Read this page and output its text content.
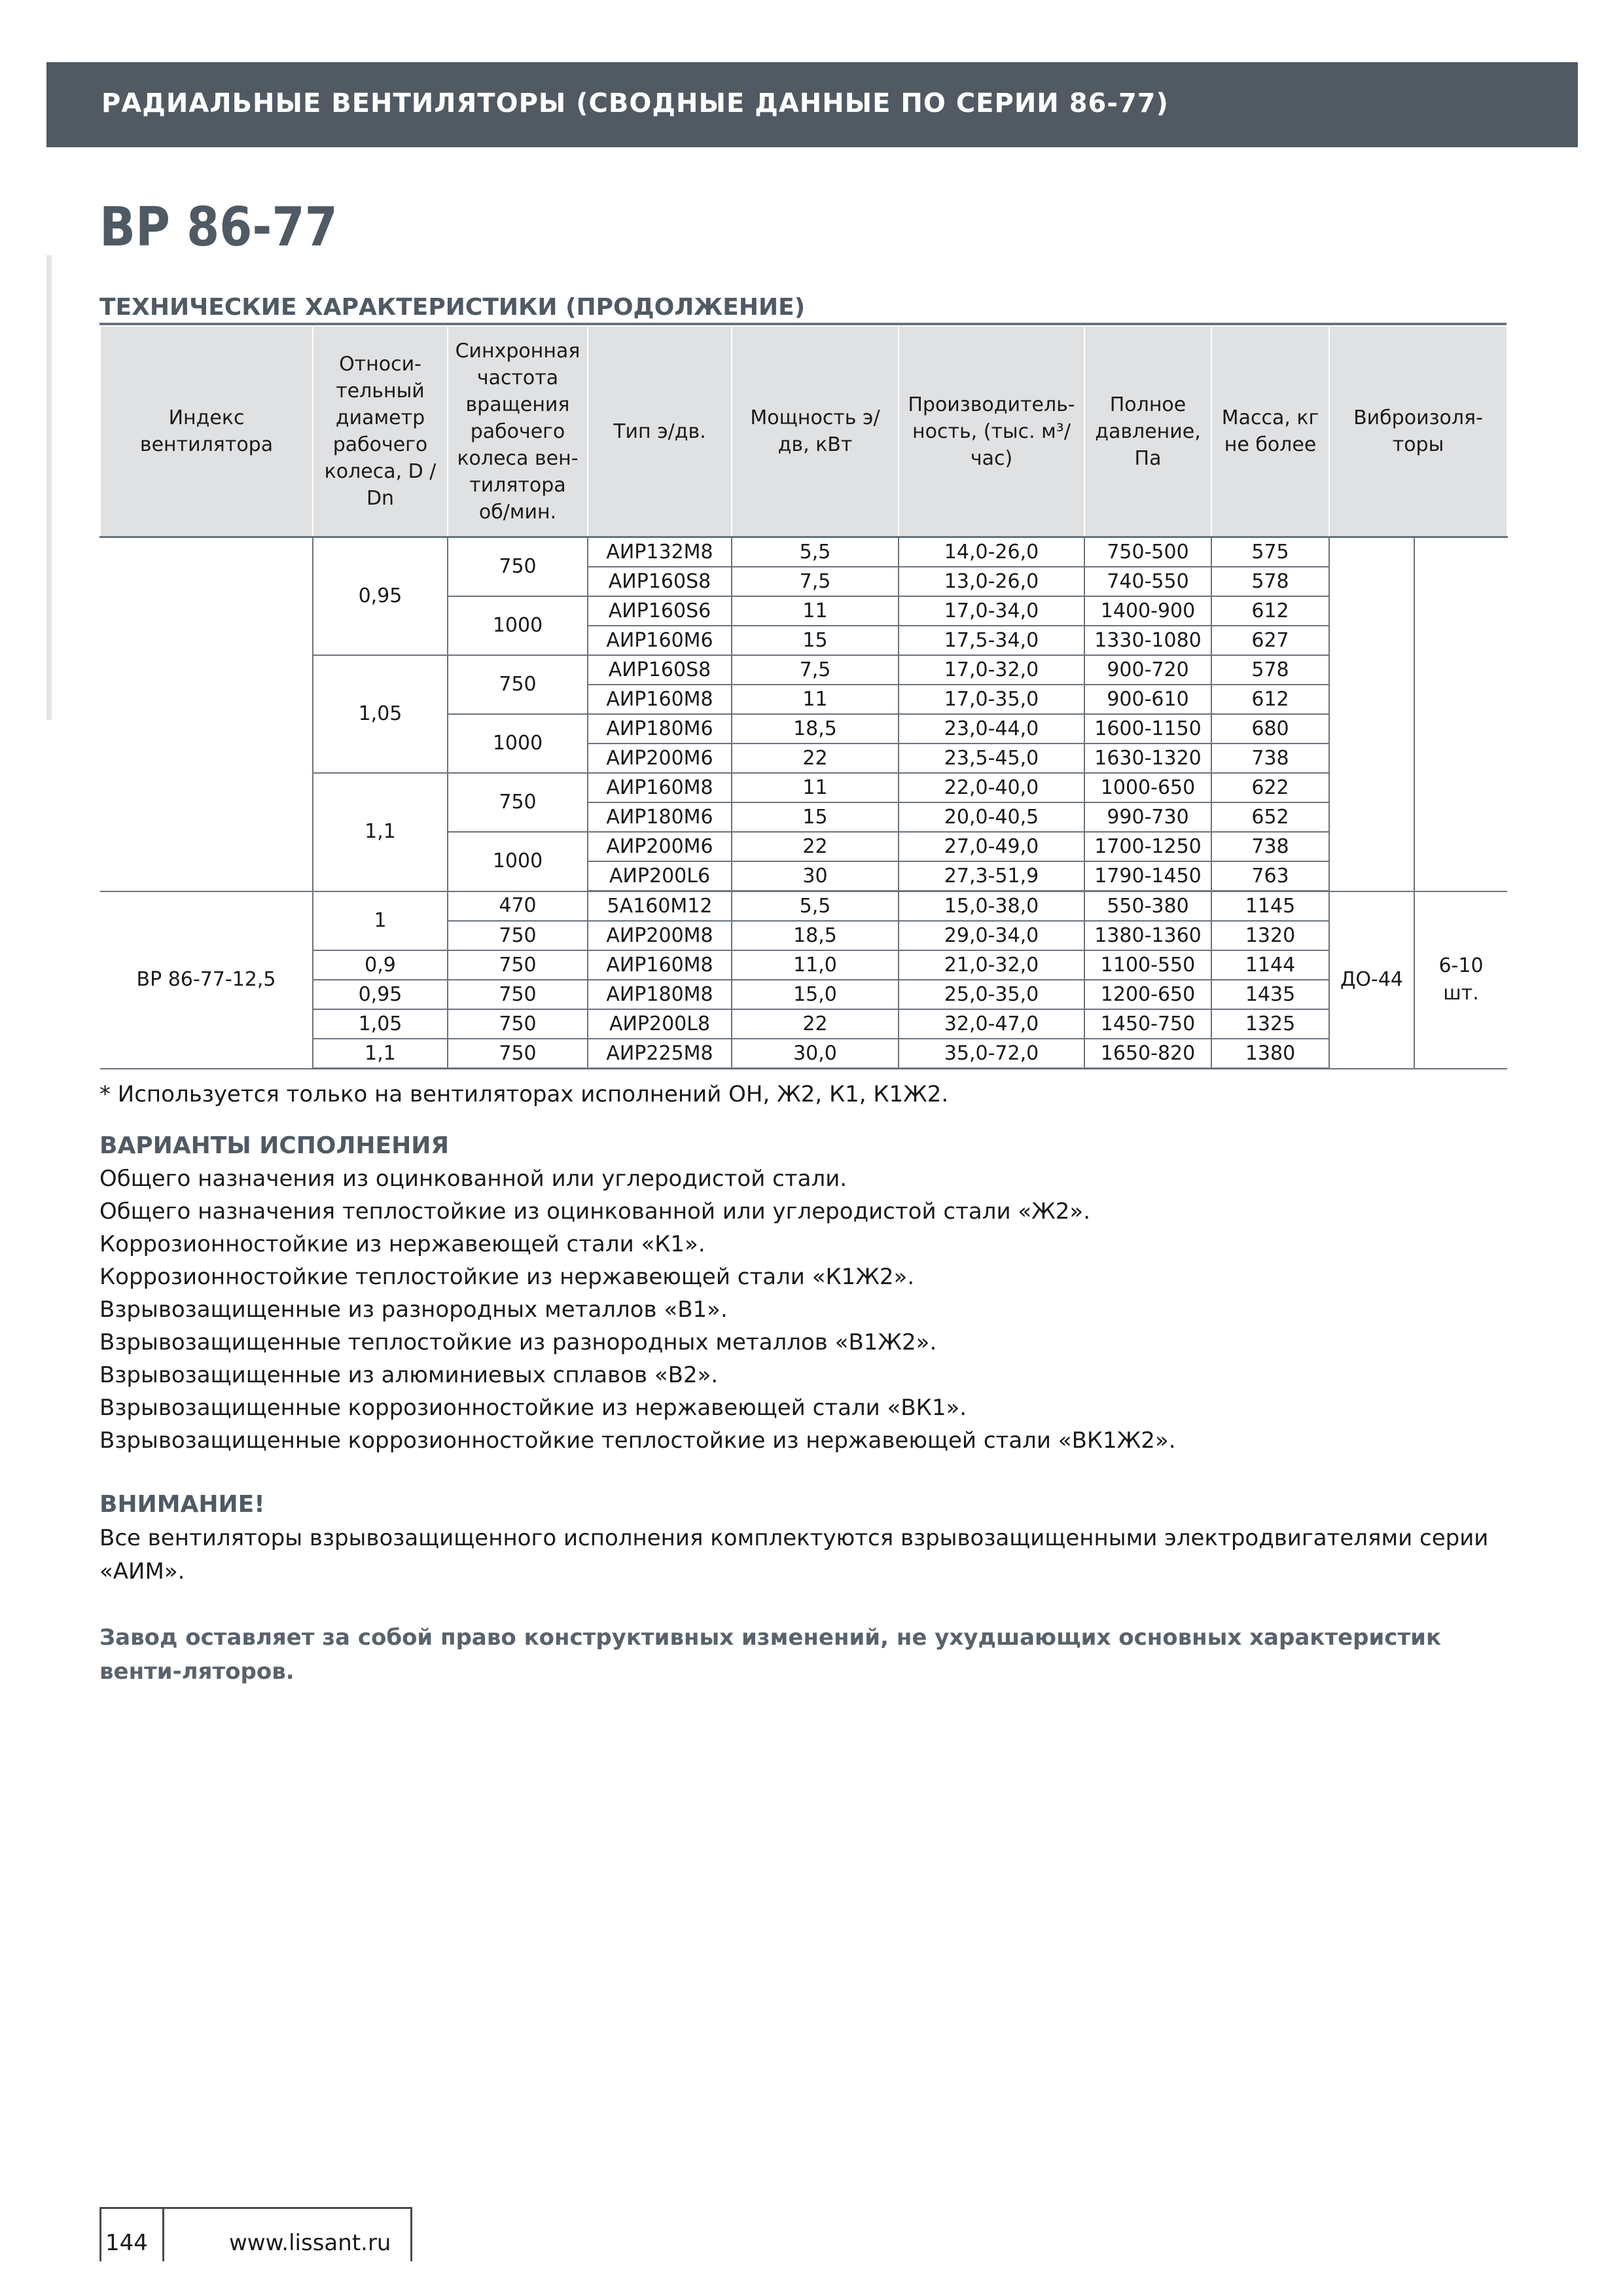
РАДИАЛЬНЫЕ ВЕНТИЛЯТОРЫ (СВОДНЫЕ ДАННЫЕ ПО СЕРИИ 86-77)
ВР 86-77
ТЕХНИЧЕСКИЕ ХАРАКТЕРИСТИКИ (ПРОДОЛЖЕНИЕ)
Индекс вентилятора	Относи-тельный диаметр рабочего колеса, D / Dn	Синхронная частота вращения рабочего колеса вен-тилятора об/мин.	Тип э/дв.	Мощность э/дв, кВт	Производитель-ность, (тыс. м³/час)	Полное давление, Па	Масса, кг не более	Виброизоля-торы	
	0,95	750	АИР132М8	5,5	14,0-26,0	750-500	575		
			АИР160S8	7,5	13,0-26,0	740-550	578		
		1000	АИР160S6	11	17,0-34,0	1400-900	612		
			АИР160М6	15	17,5-34,0	1330-1080	627		
	1,05	750	АИР160S8	7,5	17,0-32,0	900-720	578		
			АИР160М8	11	17,0-35,0	900-610	612		
		1000	АИР180М6	18,5	23,0-44,0	1600-1150	680		
			АИР200М6	22	23,5-45,0	1630-1320	738		
	1,1	750	АИР160М8	11	22,0-40,0	1000-650	622		
			АИР180М6	15	20,0-40,5	990-730	652		
		1000	АИР200М6	22	27,0-49,0	1700-1250	738		
			АИР200L6	30	27,3-51,9	1790-1450	763		
ВР 86-77-12,5	1	470	5А160М12	5,5	15,0-38,0	550-380	1145	ДО-44	6-10 шт.
		750	АИР200М8	18,5	29,0-34,0	1380-1360	1320		
	0,9	750	АИР160М8	11,0	21,0-32,0	1100-550	1144		
	0,95	750	АИР180М8	15,0	25,0-35,0	1200-650	1435		
	1,05	750	АИР200L8	22	32,0-47,0	1450-750	1325		
	1,1	750	АИР225М8	30,0	35,0-72,0	1650-820	1380		
* Используется только на вентиляторах исполнений ОН, Ж2, К1, К1Ж2.
ВАРИАНТЫ ИСПОЛНЕНИЯ
Общего назначения из оцинкованной или углеродистой стали.
Общего назначения теплостойкие из оцинкованной или углеродистой стали «Ж2».
Коррозионностойкие из нержавеющей стали «К1».
Коррозионностойкие теплостойкие из нержавеющей стали «К1Ж2».
Взрывозащищенные из разнородных металлов «В1».
Взрывозащищенные теплостойкие из разнородных металлов «В1Ж2».
Взрывозащищенные из алюминиевых сплавов «В2».
Взрывозащищенные коррозионностойкие из нержавеющей стали «ВК1».
Взрывозащищенные коррозионностойкие теплостойкие из нержавеющей стали «ВК1Ж2».
ВНИМАНИЕ!
Все вентиляторы взрывозащищенного исполнения комплектуются взрывозащищенными электродвигателями серии «АИМ».
Завод оставляет за собой право конструктивных изменений, не ухудшающих основных характеристик венти-ляторов.
144	www.lissant.ru
